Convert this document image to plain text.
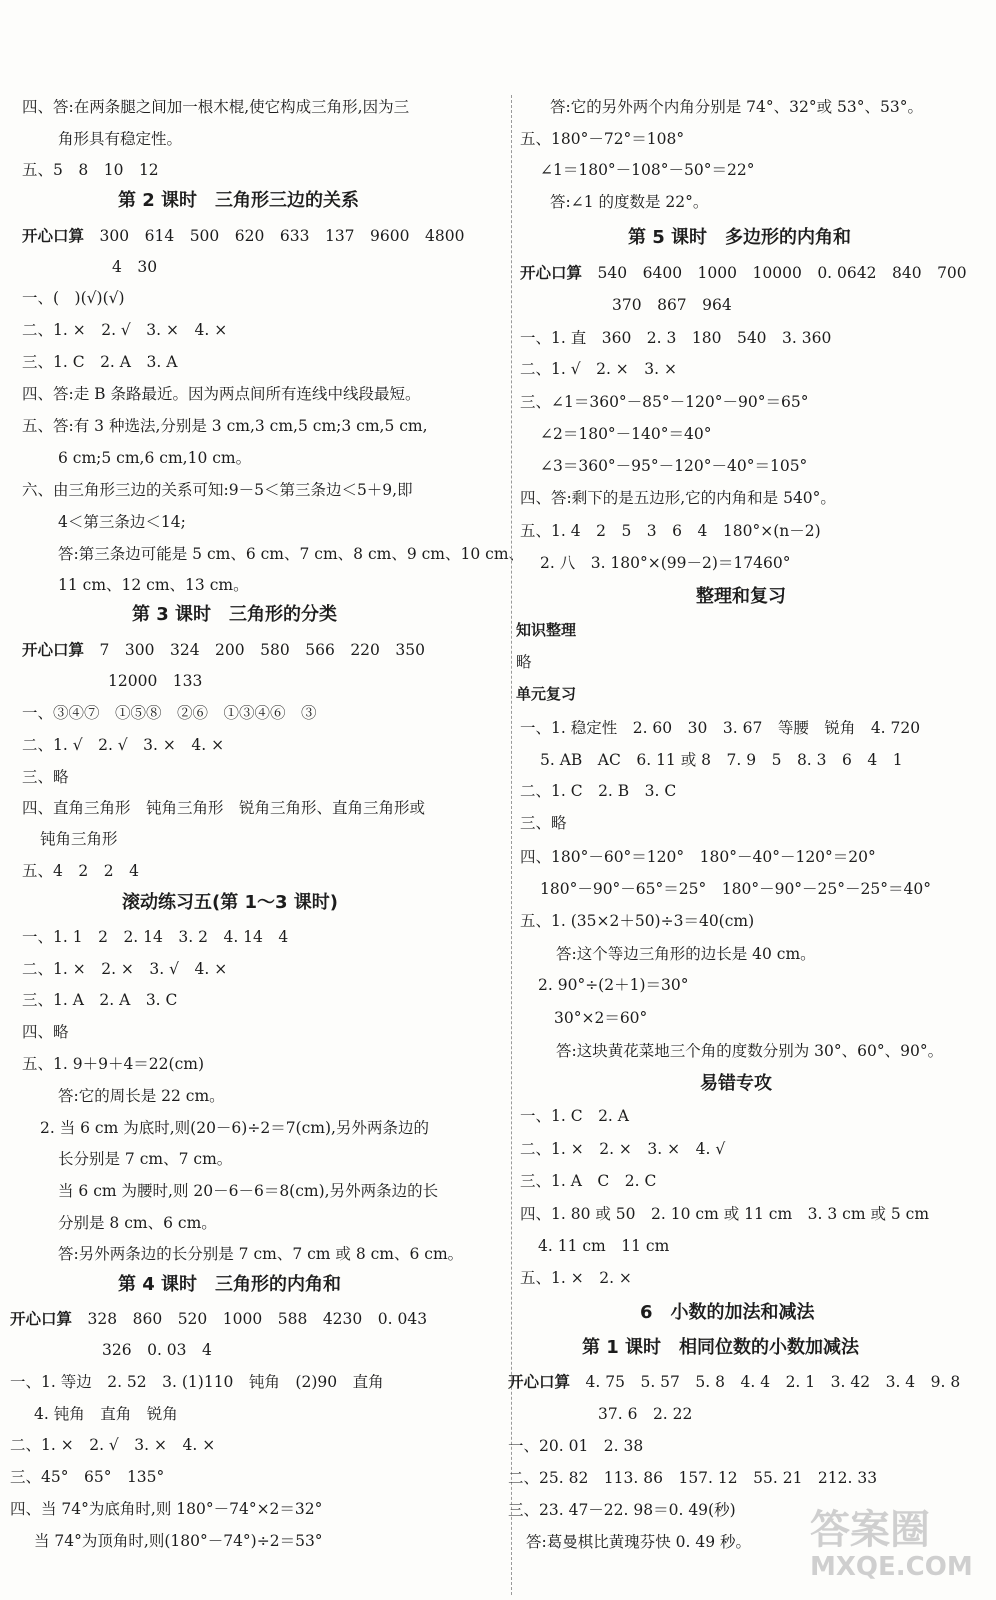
四、答:在两条腿之间加一根木棍,使它构成三角形,因为三
角形具有稳定性。
五、5　8　10　12
第 2 课时　三角形三边的关系
开心口算　 300　614　500　620　633　137　9600　4800
4　30
一、(　)(√)(√)
二、1. ×　2. √　3. ×　4. ×
三、1. C　2. A　3. A
四、答:走 B 条路最近。因为两点间所有连线中线段最短。
五、答:有 3 种选法,分别是 3 cm,3 cm,5 cm;3 cm,5 cm,
6 cm;5 cm,6 cm,10 cm。
六、由三角形三边的关系可知:9－5＜第三条边＜5＋9,即
4＜第三条边＜14;
答:第三条边可能是 5 cm、6 cm、7 cm、8 cm、9 cm、10 cm、
11 cm、12 cm、13 cm。
第 3 课时　三角形的分类
开心口算　 7　300　324　200　580　566　220　350
12000　133
一、③④⑦　①⑤⑧　②⑥　①③④⑥　③
二、1. √　2. √　3. ×　4. ×
三、略
四、直角三角形　钝角三角形　锐角三角形、直角三角形或
钝角三角形
五、4　2　2　4
滚动练习五(第 1～3 课时)
一、1. 1　2　2. 14　3. 2　4. 14　4
二、1. ×　2. ×　3. √　4. ×
三、1. A　2. A　3. C
四、略
五、1. 9＋9＋4＝22(cm)
答:它的周长是 22 cm。
2. 当 6 cm 为底时,则(20－6)÷2＝7(cm),另外两条边的
长分别是 7 cm、7 cm。
当 6 cm 为腰时,则 20－6－6＝8(cm),另外两条边的长
分别是 8 cm、6 cm。
答:另外两条边的长分别是 7 cm、7 cm 或 8 cm、6 cm。
第 4 课时　三角形的内角和
开心口算　 328　860　520　1000　588　4230　0. 043
326　0. 03　4
一、1. 等边　2. 52　3. (1)110　钝角　(2)90　直角
4. 钝角　直角　锐角
二、1. ×　2. √　3. ×　4. ×
三、45°　65°　135°
四、当 74°为底角时,则 180°－74°×2＝32°
当 74°为顶角时,则(180°－74°)÷2＝53°
答:它的另外两个内角分别是 74°、32°或 53°、53°。
五、180°－72°＝108°
∠1＝180°－108°－50°＝22°
答:∠1 的度数是 22°。
第 5 课时　多边形的内角和
开心口算　 540　6400　1000　10000　0. 0642　840　700
370　867　964
一、1. 直　360　2. 3　180　540　3. 360
二、1. √　2. ×　3. ×
三、∠1＝360°－85°－120°－90°＝65°
∠2＝180°－140°＝40°
∠3＝360°－95°－120°－40°＝105°
四、答:剩下的是五边形,它的内角和是 540°。
五、1. 4　2　5　3　6　4　180°×(n－2)
2. 八　3. 180°×(99－2)＝17460°
整理和复习
知识整理
略
单元复习
一、1. 稳定性　2. 60　30　3. 67　等腰　锐角　4. 720
5. AB　AC　6. 11 或 8　7. 9　5　8. 3　6　4　1
二、1. C　2. B　3. C
三、略
四、180°－60°＝120°　180°－40°－120°＝20°
180°－90°－65°＝25°　180°－90°－25°－25°＝40°
五、1. (35×2＋50)÷3＝40(cm)
答:这个等边三角形的边长是 40 cm。
2. 90°÷(2＋1)＝30°
30°×2＝60°
答:这块黄花菜地三个角的度数分别为 30°、60°、90°。
易错专攻
一、1. C　2. A
二、1. ×　2. ×　3. ×　4. √
三、1. A　C　2. C
四、1. 80 或 50　2. 10 cm 或 11 cm　3. 3 cm 或 5 cm
4. 11 cm　11 cm
五、1. ×　2. ×
6　小数的加法和减法
第 1 课时　相同位数的小数加减法
开心口算　 4. 75　5. 57　5. 8　4. 4　2. 1　3. 42　3. 4　9. 8
37. 6　2. 22
一、20. 01　2. 38
二、25. 82　113. 86　157. 12　55. 21　212. 33
三、23. 47－22. 98＝0. 49(秒)
答:葛曼棋比黄瑰芬快 0. 49 秒。 答案圈
MXQE.COM
